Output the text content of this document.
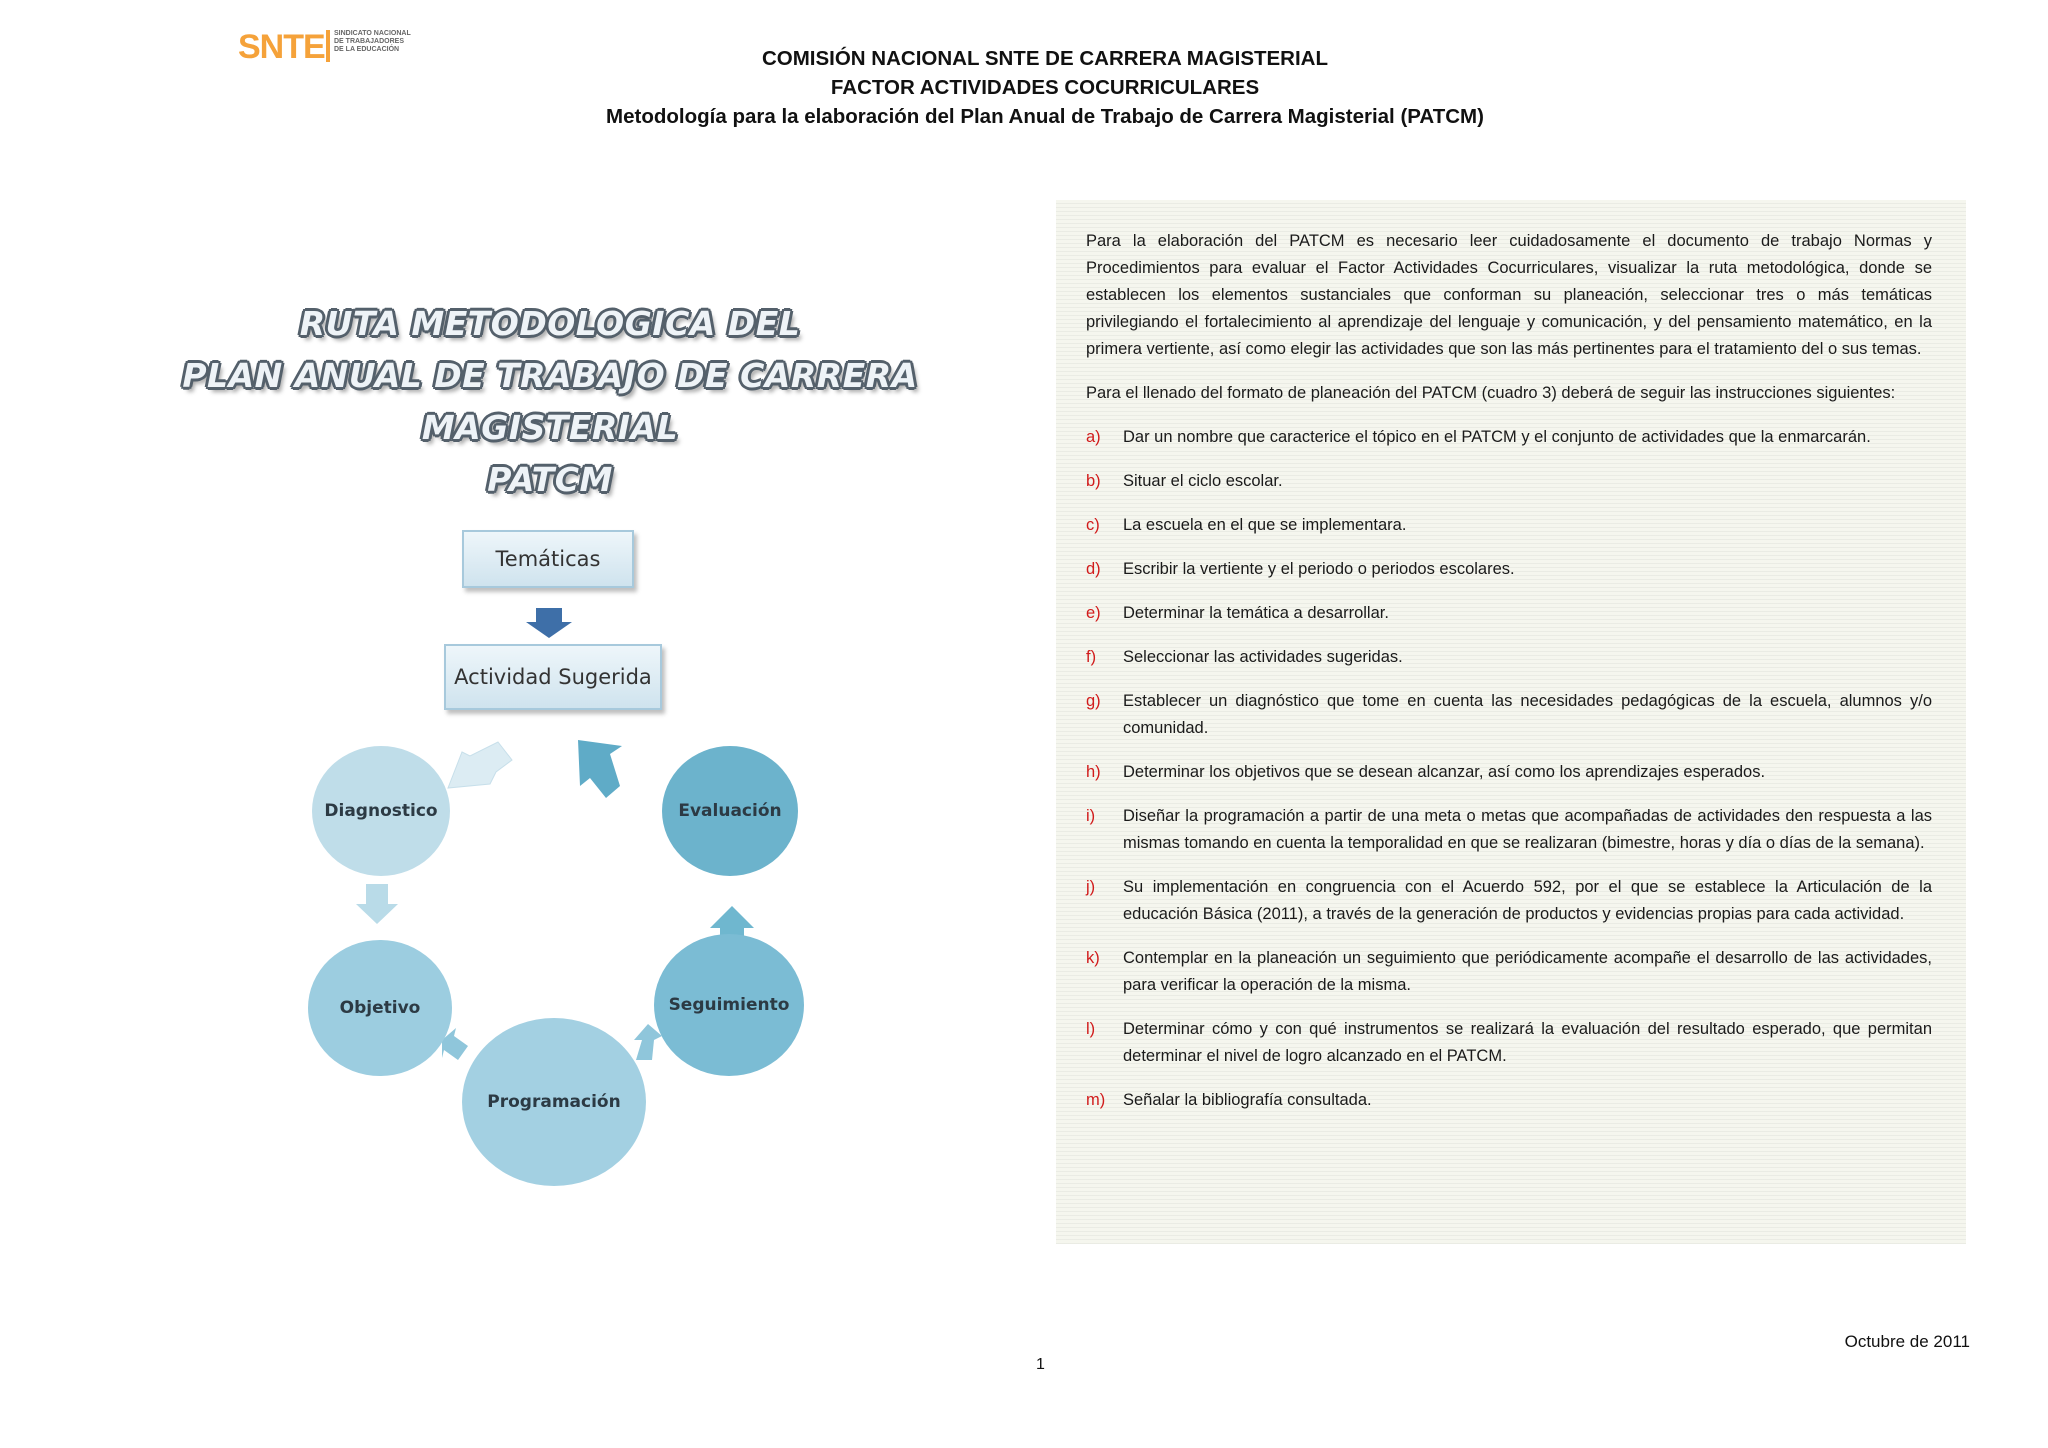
SNTE SINDICATO NACIONAL DE TRABAJADORES DE LA EDUCACIÓN	COMISIÓN NACIONAL SNTE DE CARRERA MAGISTERIAL
FACTOR ACTIVIDADES COCURRICULARES
Metodología para la elaboración del Plan Anual de Trabajo de Carrera Magisterial (PATCM)
RUTA METODOLOGICA DEL
PLAN ANUAL DE TRABAJO DE CARRERA MAGISTERIAL
PATCM
Temáticas
Actividad Sugerida
Diagnostico	Evaluación
Objetivo	Seguimiento
Programación

Para la elaboración del PATCM es necesario leer cuidadosamente el documento de trabajo Normas y Procedimientos para evaluar el Factor Actividades Cocurriculares, visualizar la ruta metodológica, donde se establecen los elementos sustanciales que conforman su planeación, seleccionar tres o más temáticas privilegiando el fortalecimiento al aprendizaje del lenguaje y comunicación, y del pensamiento matemático, en la primera vertiente, así como elegir las actividades que son las más pertinentes para el tratamiento del o sus temas.

Para el llenado del formato de planeación del PATCM (cuadro 3) deberá de seguir las instrucciones siguientes:

a)	Dar un nombre que caracterice el tópico en el PATCM y el conjunto de actividades que la enmarcarán.
b)	Situar el ciclo escolar.
c)	La escuela en el que se implementara.
d)	Escribir la vertiente y el periodo o periodos escolares.
e)	Determinar la temática a desarrollar.
f)	Seleccionar las actividades sugeridas.
g)	Establecer un diagnóstico que tome en cuenta las necesidades pedagógicas de la escuela, alumnos y/o comunidad.
h)	Determinar los objetivos que se desean alcanzar, así como los aprendizajes esperados.
i)	Diseñar la programación a partir de una meta o metas que acompañadas de actividades den respuesta a las mismas tomando en cuenta la temporalidad en que se realizaran (bimestre, horas y día o días de la semana).
j)	Su implementación en congruencia con el Acuerdo 592, por el que se establece la Articulación de la educación Básica (2011), a través de la generación de productos y evidencias propias para cada actividad.
k)	Contemplar en la planeación un seguimiento que periódicamente acompañe el desarrollo de las actividades, para verificar la operación de la misma.
l)	Determinar cómo y con qué instrumentos se realizará la evaluación del resultado esperado, que permitan determinar el nivel de logro alcanzado en el PATCM.
m)	Señalar la bibliografía consultada.
Octubre de 2011
1
